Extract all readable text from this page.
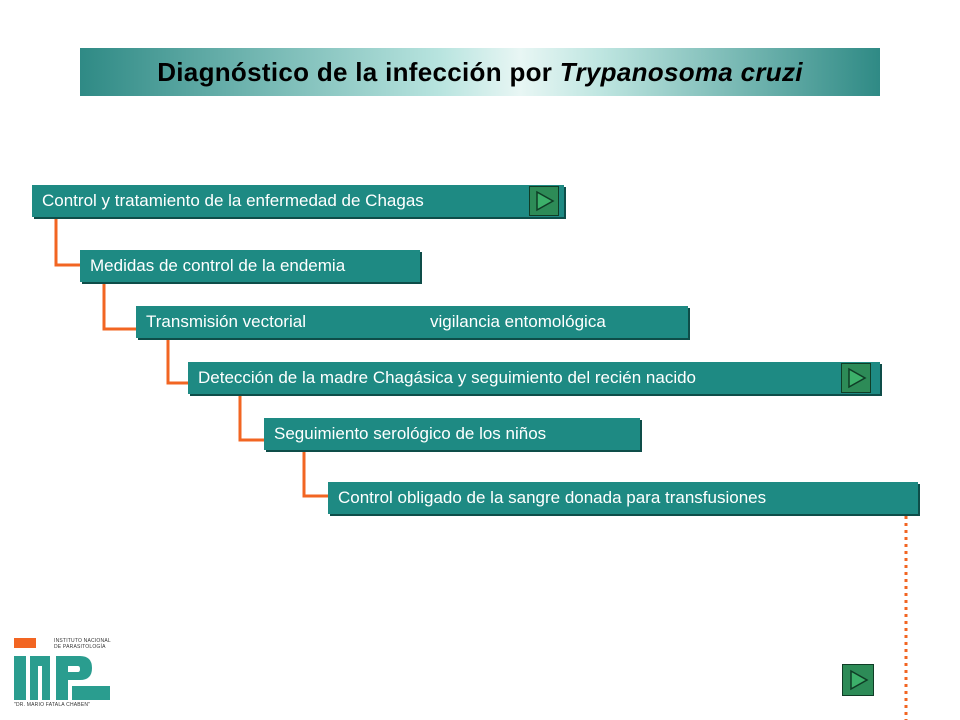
Diagnóstico de la infección por Trypanosoma cruzi
Control y tratamiento de la enfermedad de Chagas
Medidas de control de la endemia
Transmisión vectorial	vigilancia entomológica
Detección de la madre Chagásica y seguimiento del recién nacido
Seguimiento serológico de los niños
Control obligado de la sangre donada para transfusiones
INSTITUTO NACIONAL
DE PARASITOLOGÍA
"DR. MARIO FATALA CHABEN"
